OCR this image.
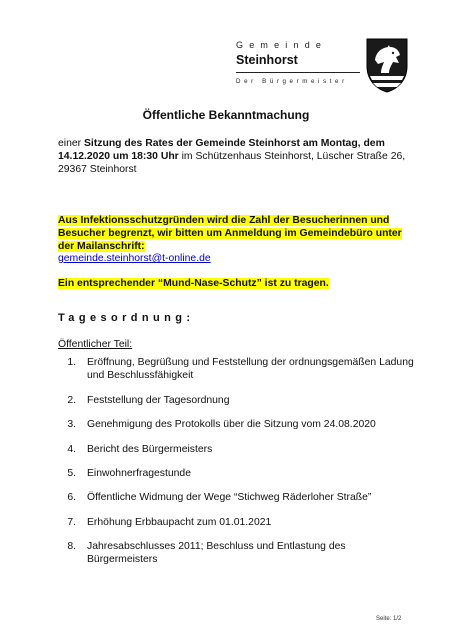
Gemeinde
Steinhorst
Der Bürgermeister
Öffentliche Bekanntmachung
einer Sitzung des Rates der Gemeinde Steinhorst am Montag, dem 14.12.2020 um 18:30 Uhr im Schützenhaus Steinhorst, Lüscher Straße 26, 29367 Steinhorst
Aus Infektionsschutzgründen wird die Zahl der Besucherinnen und Besucher begrenzt, wir bitten um Anmeldung im Gemeindebüro unter der Mailanschrift:
gemeinde.steinhorst@t-online.de
Ein entsprechender “Mund-Nase-Schutz” ist zu tragen.
Tagesordnung:
Öffentlicher Teil:
1. Eröffnung, Begrüßung und Feststellung der ordnungsgemäßen Ladung und Beschlussfähigkeit
2. Feststellung der Tagesordnung
3. Genehmigung des Protokolls über die Sitzung vom 24.08.2020
4. Bericht des Bürgermeisters
5. Einwohnerfragestunde
6. Öffentliche Widmung der Wege “Stichweg Räderloher Straße”
7. Erhöhung Erbbaupacht zum 01.01.2021
8. Jahresabschlusses 2011; Beschluss und Entlastung des Bürgermeisters
Seite: 1/2
